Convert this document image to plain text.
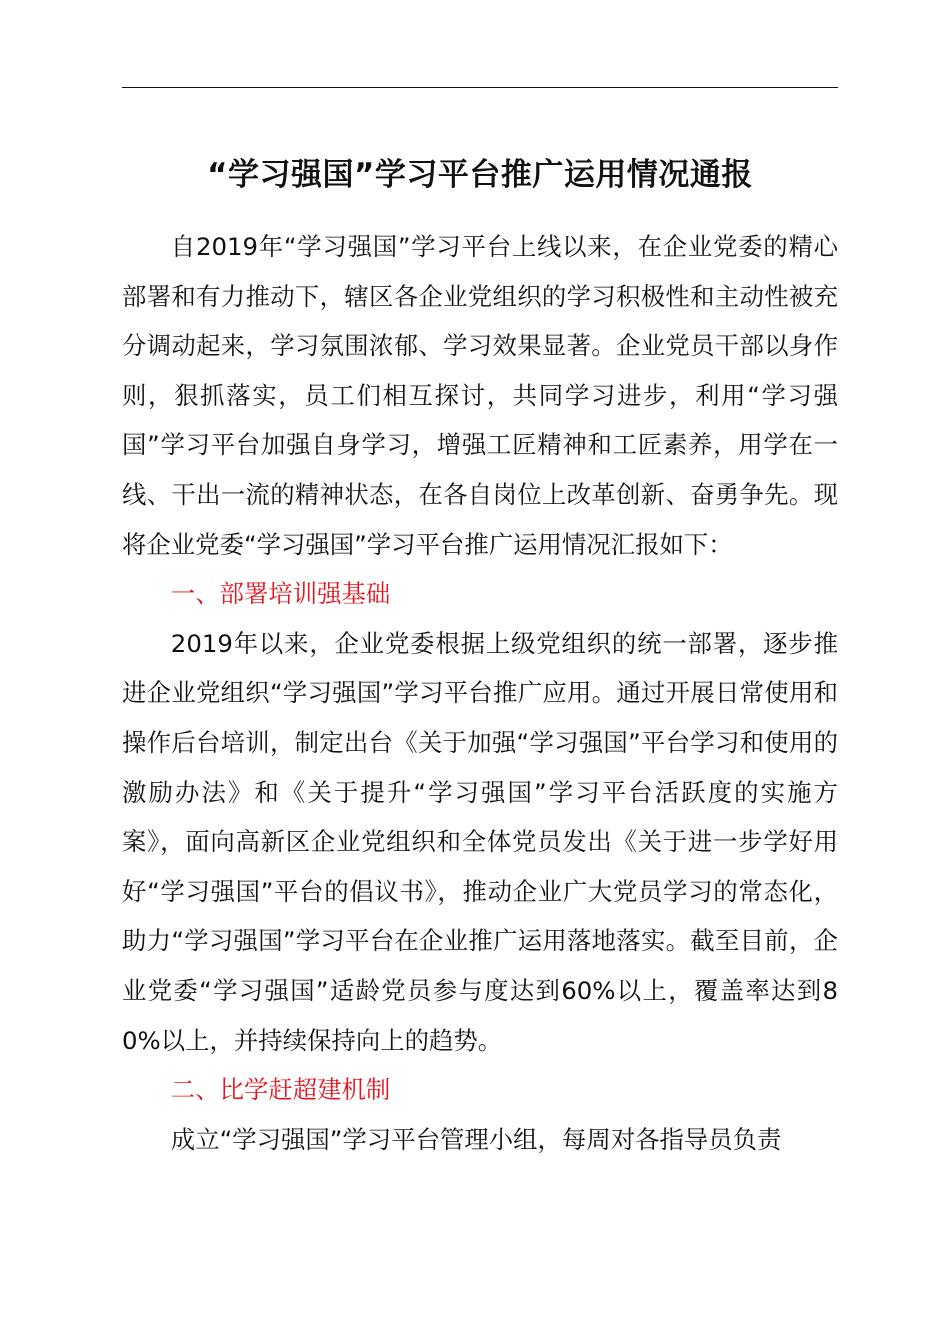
“学习强国”学习平台推广运用情况通报

自2019年“学习强国”学习平台上线以来，在企业党委的精心部署和有力推动下，辖区各企业党组织的学习积极性和主动性被充分调动起来，学习氛围浓郁、学习效果显著。企业党员干部以身作则，狠抓落实，员工们相互探讨，共同学习进步，利用“学习强国”学习平台加强自身学习，增强工匠精神和工匠素养，用学在一线、干出一流的精神状态，在各自岗位上改革创新、奋勇争先。现将企业党委“学习强国”学习平台推广运用情况汇报如下：

一、部署培训强基础

2019年以来，企业党委根据上级党组织的统一部署，逐步推进企业党组织“学习强国”学习平台推广应用。通过开展日常使用和操作后台培训，制定出台《关于加强“学习强国”平台学习和使用的激励办法》和《关于提升“学习强国”学习平台活跃度的实施方案》，面向高新区企业党组织和全体党员发出《关于进一步学好用好“学习强国”平台的倡议书》，推动企业广大党员学习的常态化，助力“学习强国”学习平台在企业推广运用落地落实。截至目前，企业党委“学习强国”适龄党员参与度达到60%以上，覆盖率达到80%以上，并持续保持向上的趋势。

二、比学赶超建机制

成立“学习强国”学习平台管理小组，每周对各指导员负责
